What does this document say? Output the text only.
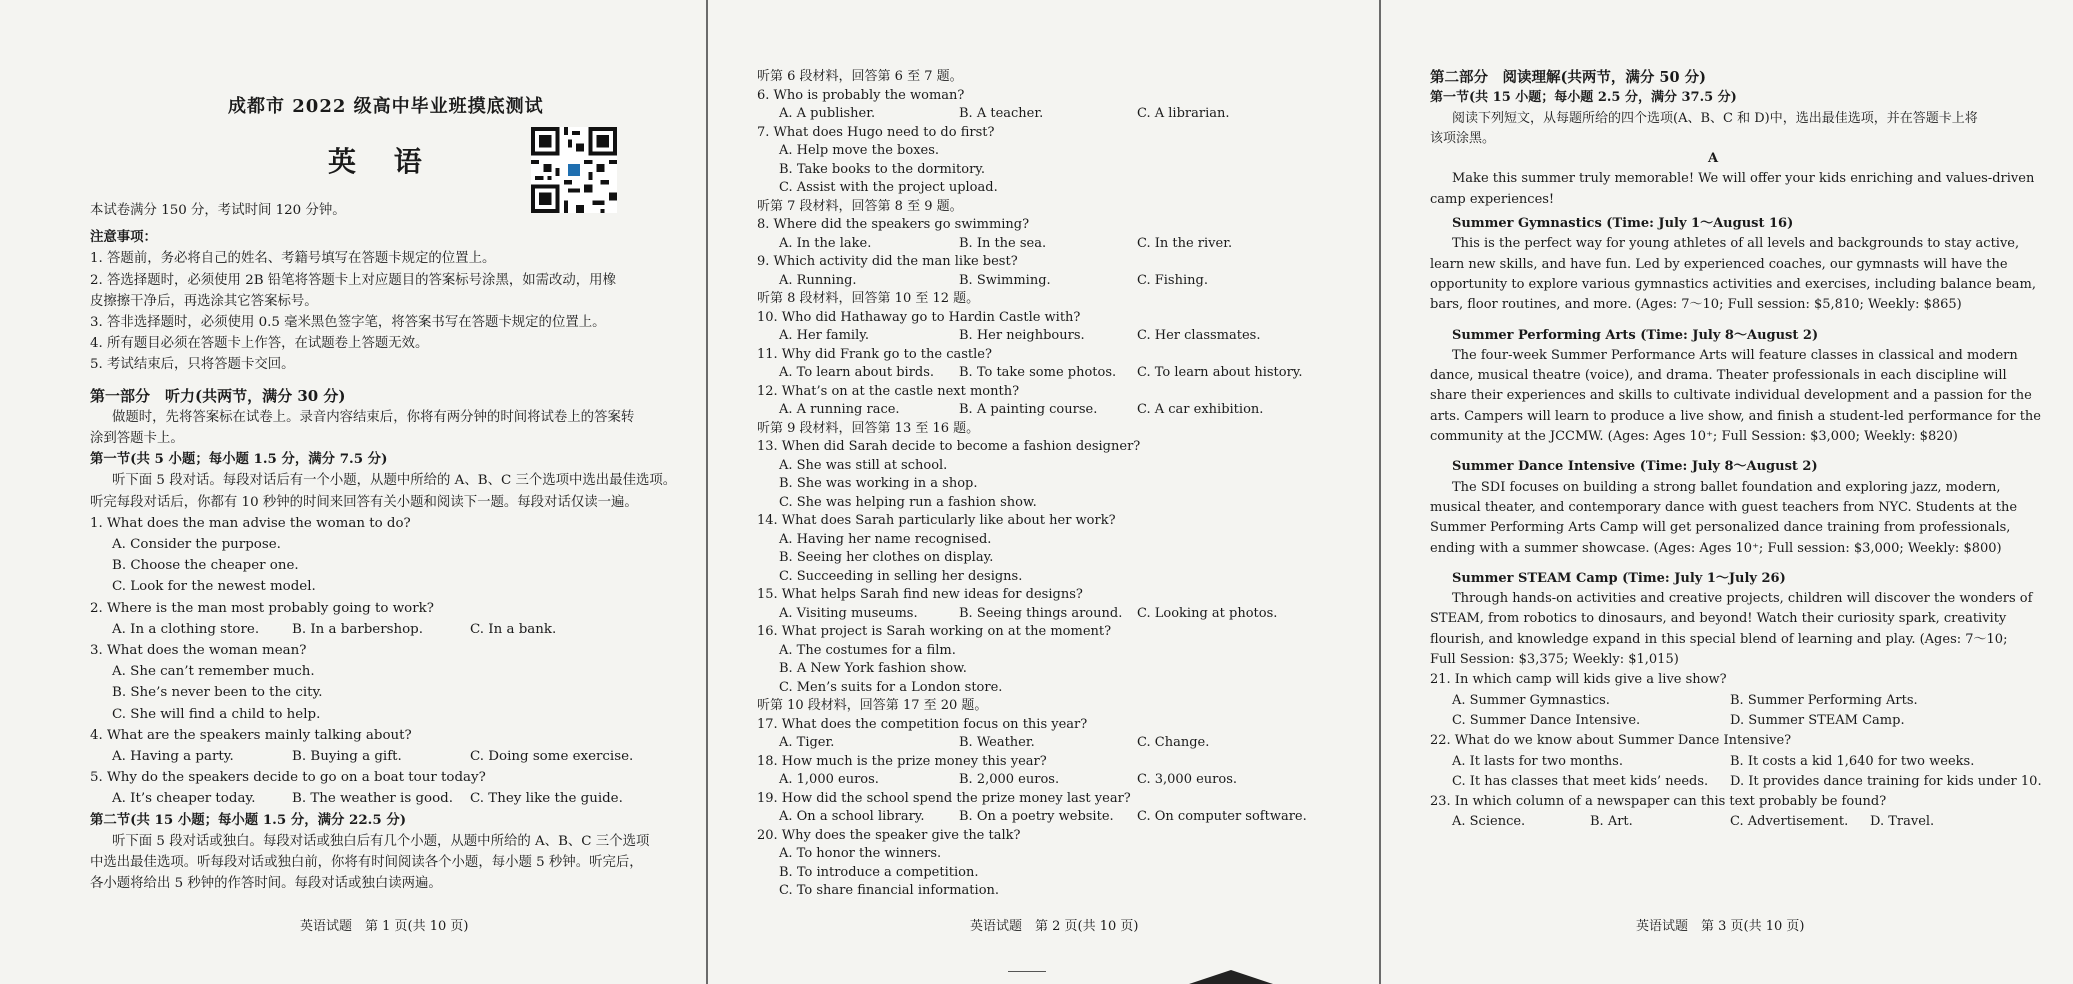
成都市 2022 级高中毕业班摸底测试
英 语

本试卷满分 150 分，考试时间 120 分钟。

注意事项：

1. 答题前，务必将自己的姓名、考籍号填写在答题卡规定的位置上。

2. 答选择题时，必须使用 2B 铅笔将答题卡上对应题目的答案标号涂黑，如需改动，用橡

皮擦擦干净后，再选涂其它答案标号。

3. 答非选择题时，必须使用 0.5 毫米黑色签字笔，将答案书写在答题卡规定的位置上。

4. 所有题目必须在答题卡上作答，在试题卷上答题无效。

5. 考试结束后，只将答题卡交回。

第一部分　听力(共两节，满分 30 分)

做题时，先将答案标在试卷上。录音内容结束后，你将有两分钟的时间将试卷上的答案转

涂到答题卡上。

第一节(共 5 小题；每小题 1.5 分，满分 7.5 分)

听下面 5 段对话。每段对话后有一个小题，从题中所给的 A、B、C 三个选项中选出最佳选项。

听完每段对话后，你都有 10 秒钟的时间来回答有关小题和阅读下一题。每段对话仅读一遍。

1. What does the man advise the woman to do?

A. Consider the purpose.

B. Choose the cheaper one.

C. Look for the newest model.

2. Where is the man most probably going to work?

A. In a clothing store.	B. In a barbershop.	C. In a bank.

3. What does the woman mean?

A. She can’t remember much.

B. She’s never been to the city.

C. She will find a child to help.

4. What are the speakers mainly talking about?

A. Having a party.	B. Buying a gift.	C. Doing some exercise.

5. Why do the speakers decide to go on a boat tour today?

A. It’s cheaper today.	B. The weather is good.	C. They like the guide.

第二节(共 15 小题；每小题 1.5 分，满分 22.5 分)

听下面 5 段对话或独白。每段对话或独白后有几个小题，从题中所给的 A、B、C 三个选项

中选出最佳选项。听每段对话或独白前，你将有时间阅读各个小题，每小题 5 秒钟。听完后，

各小题将给出 5 秒钟的作答时间。每段对话或独白读两遍。

英语试题　第 1 页(共 10 页)

听第 6 段材料，回答第 6 至 7 题。

6. Who is probably the woman?

A. A publisher.	B. A teacher.	C. A librarian.

7. What does Hugo need to do first?

A. Help move the boxes.

B. Take books to the dormitory.

C. Assist with the project upload.

听第 7 段材料，回答第 8 至 9 题。

8. Where did the speakers go swimming?

A. In the lake.	B. In the sea.	C. In the river.

9. Which activity did the man like best?

A. Running.	B. Swimming.	C. Fishing.

听第 8 段材料，回答第 10 至 12 题。

10. Who did Hathaway go to Hardin Castle with?

A. Her family.	B. Her neighbours.	C. Her classmates.

11. Why did Frank go to the castle?

A. To learn about birds.	B. To take some photos.	C. To learn about history.

12. What’s on at the castle next month?

A. A running race.	B. A painting course.	C. A car exhibition.

听第 9 段材料，回答第 13 至 16 题。

13. When did Sarah decide to become a fashion designer?

A. She was still at school.

B. She was working in a shop.

C. She was helping run a fashion show.

14. What does Sarah particularly like about her work?

A. Having her name recognised.

B. Seeing her clothes on display.

C. Succeeding in selling her designs.

15. What helps Sarah find new ideas for designs?

A. Visiting museums.	B. Seeing things around.	C. Looking at photos.

16. What project is Sarah working on at the moment?

A. The costumes for a film.

B. A New York fashion show.

C. Men’s suits for a London store.

听第 10 段材料，回答第 17 至 20 题。

17. What does the competition focus on this year?

A. Tiger.	B. Weather.	C. Change.

18. How much is the prize money this year?

A. 1,000 euros.	B. 2,000 euros.	C. 3,000 euros.

19. How did the school spend the prize money last year?

A. On a school library.	B. On a poetry website.	C. On computer software.

20. Why does the speaker give the talk?

A. To honor the winners.

B. To introduce a competition.

C. To share financial information.

英语试题　第 2 页(共 10 页)

第二部分　阅读理解(共两节，满分 50 分)

第一节(共 15 小题；每小题 2.5 分，满分 37.5 分)

阅读下列短文，从每题所给的四个选项(A、B、C 和 D)中，选出最佳选项，并在答题卡上将

该项涂黑。

A

Make this summer truly memorable! We will offer your kids enriching and values-driven

camp experiences!

Summer Gymnastics (Time: July 1～August 16)

This is the perfect way for young athletes of all levels and backgrounds to stay active,

learn new skills, and have fun. Led by experienced coaches, our gymnasts will have the

opportunity to explore various gymnastics activities and exercises, including balance beam,

bars, floor routines, and more. (Ages: 7～10; Full session: $5,810; Weekly: $865)

Summer Performing Arts (Time: July 8～August 2)

The four-week Summer Performance Arts will feature classes in classical and modern

dance, musical theatre (voice), and drama. Theater professionals in each discipline will

share their experiences and skills to cultivate individual development and a passion for the

arts. Campers will learn to produce a live show, and finish a student-led performance for the

community at the JCCMW. (Ages: Ages 10⁺; Full Session: $3,000; Weekly: $820)

Summer Dance Intensive (Time: July 8～August 2)

The SDI focuses on building a strong ballet foundation and exploring jazz, modern,

musical theater, and contemporary dance with guest teachers from NYC. Students at the

Summer Performing Arts Camp will get personalized dance training from professionals,

ending with a summer showcase. (Ages: Ages 10⁺; Full session: $3,000; Weekly: $800)

Summer STEAM Camp (Time: July 1～July 26)

Through hands-on activities and creative projects, children will discover the wonders of

STEAM, from robotics to dinosaurs, and beyond! Watch their curiosity spark, creativity

flourish, and knowledge expand in this special blend of learning and play. (Ages: 7～10;

Full Session: $3,375; Weekly: $1,015)

21. In which camp will kids give a live show?

A. Summer Gymnastics.	B. Summer Performing Arts.

C. Summer Dance Intensive.	D. Summer STEAM Camp.

22. What do we know about Summer Dance Intensive?

A. It lasts for two months.	B. It costs a kid 1,640 for two weeks.

C. It has classes that meet kids’ needs.	D. It provides dance training for kids under 10.

23. In which column of a newspaper can this text probably be found?

A. Science.	B. Art.	C. Advertisement.	D. Travel.

英语试题　第 3 页(共 10 页)
